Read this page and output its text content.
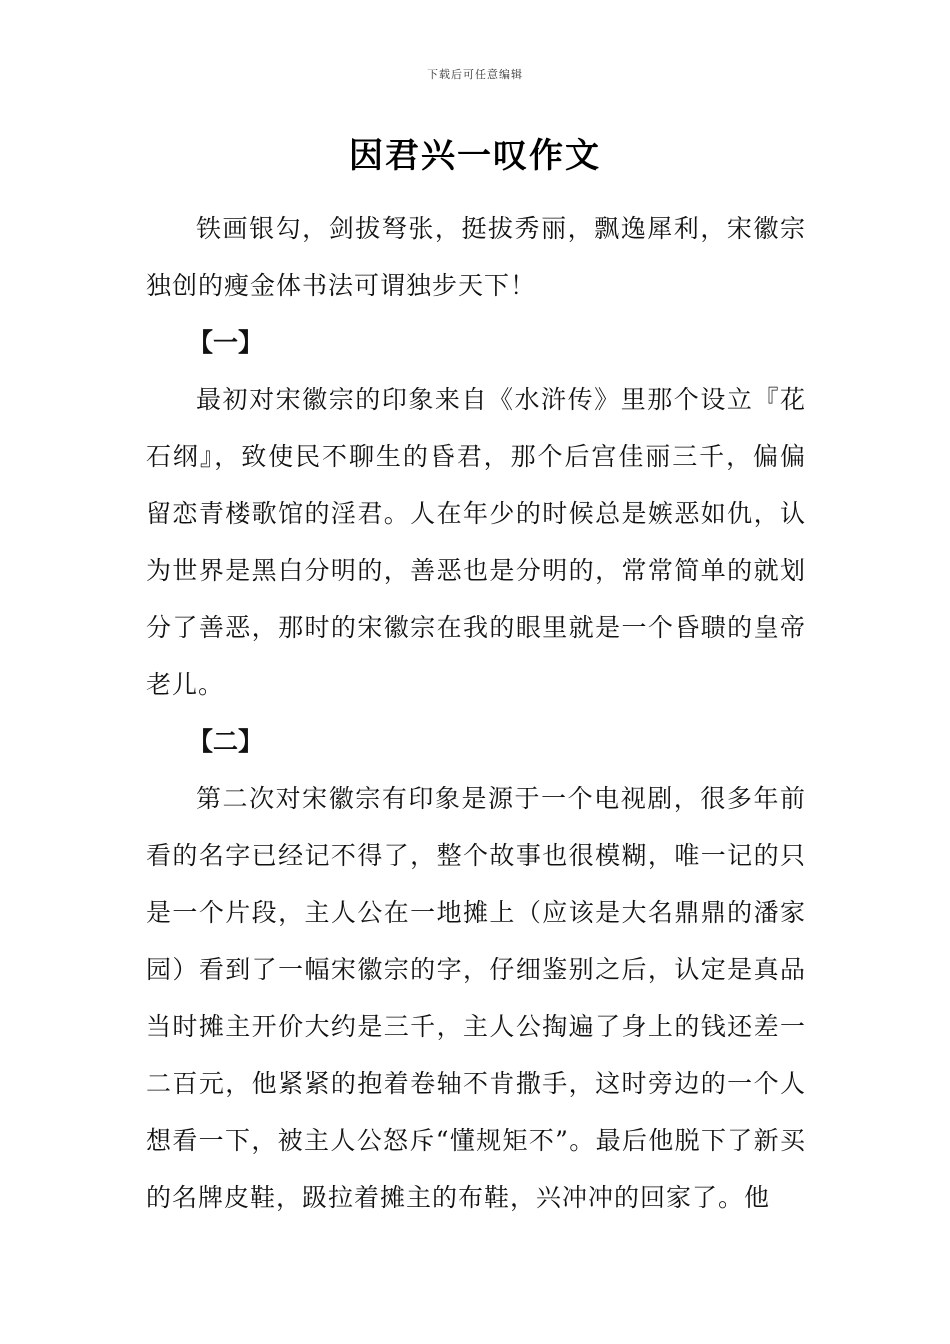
下载后可任意编辑
因君兴一叹作文

铁画银勾，剑拔弩张，挺拔秀丽，飘逸犀利，宋徽宗独创的瘦金体书法可谓独步天下！

【一】

最初对宋徽宗的印象来自《水浒传》里那个设立『花石纲』，致使民不聊生的昏君，那个后宫佳丽三千，偏偏留恋青楼歌馆的淫君。人在年少的时候总是嫉恶如仇，认为世界是黑白分明的，善恶也是分明的，常常简单的就划分了善恶，那时的宋徽宗在我的眼里就是一个昏聩的皇帝老儿。

【二】

第二次对宋徽宗有印象是源于一个电视剧，很多年前看的名字已经记不得了，整个故事也很模糊，唯一记的只是一个片段，主人公在一地摊上（应该是大名鼎鼎的潘家园）看到了一幅宋徽宗的字，仔细鉴别之后，认定是真品当时摊主开价大约是三千，主人公掏遍了身上的钱还差一二百元，他紧紧的抱着卷轴不肯撒手，这时旁边的一个人想看一下，被主人公怒斥“懂规矩不”。最后他脱下了新买的名牌皮鞋，趿拉着摊主的布鞋，兴冲冲的回家了。他
